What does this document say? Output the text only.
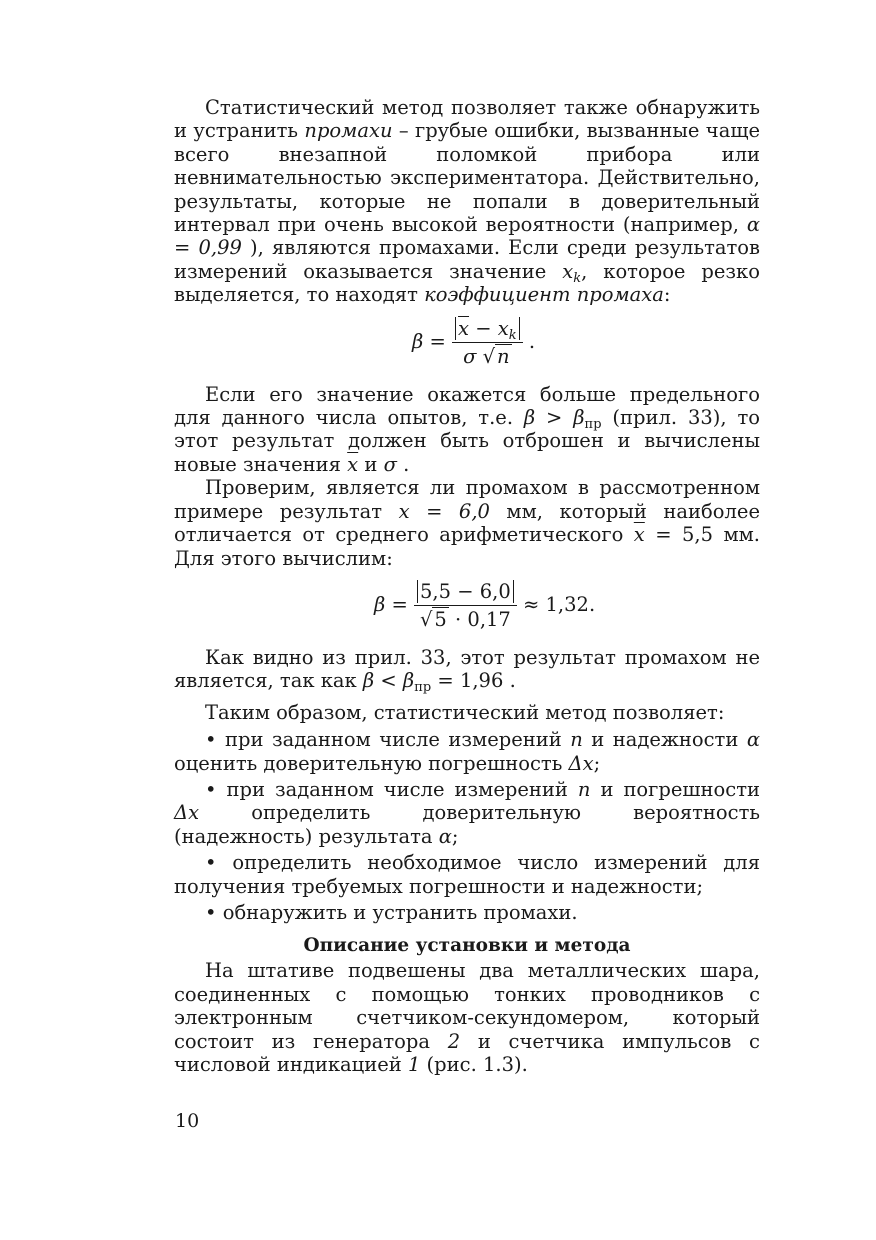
Статистический метод позволяет также обнаружить и устранить промахи – грубые ошибки, вызванные чаще всего внезапной поломкой прибора или невнимательностью экспериментатора. Действительно, результаты, которые не попали в доверительный интервал при очень высокой вероятности (например, α = 0,99 ), являются промахами. Если среди результатов измерений оказывается значение $x_k$, которое резко выделяется, то находят коэффициент промаха:

$\beta = \frac{\overline{x} - x_k}{\sigma √ n}$ .

Если его значение окажется больше предельного для данного числа опытов, т.е. $\beta > \beta_{пр}$ (прил. 33), то этот результат должен быть отброшен и вычислены новые значения $\overline{x}$ и σ .

Проверим, является ли промахом в рассмотренном примере результат x = 6,0 мм, который наиболее отличается от среднего арифметического $\overline{x} = 5,5$ мм. Для этого вычислим:

$\beta = \frac{5,5 - 6,0}{√ 5 \cdot 0,17} \approx 1,32$.

Как видно из прил. 33, этот результат промахом не является, так как $\beta < \beta_{пр} = 1,96$ .

Таким образом, статистический метод позволяет:

• при заданном числе измерений n и надежности α оценить доверительную погрешность Δx;

• при заданном числе измерений n и погрешности Δx определить доверительную вероятность (надежность) результата α;

• определить необходимое число измерений для получения требуемых погрешности и надежности;

• обнаружить и устранить промахи.

Описание установки и метода

На штативе подвешены два металлических шара, соединенных с помощью тонких проводников с электронным счетчиком-секундомером, который состоит из генератора 2 и счетчика импульсов с числовой индикацией 1 (рис. 1.3).

10
